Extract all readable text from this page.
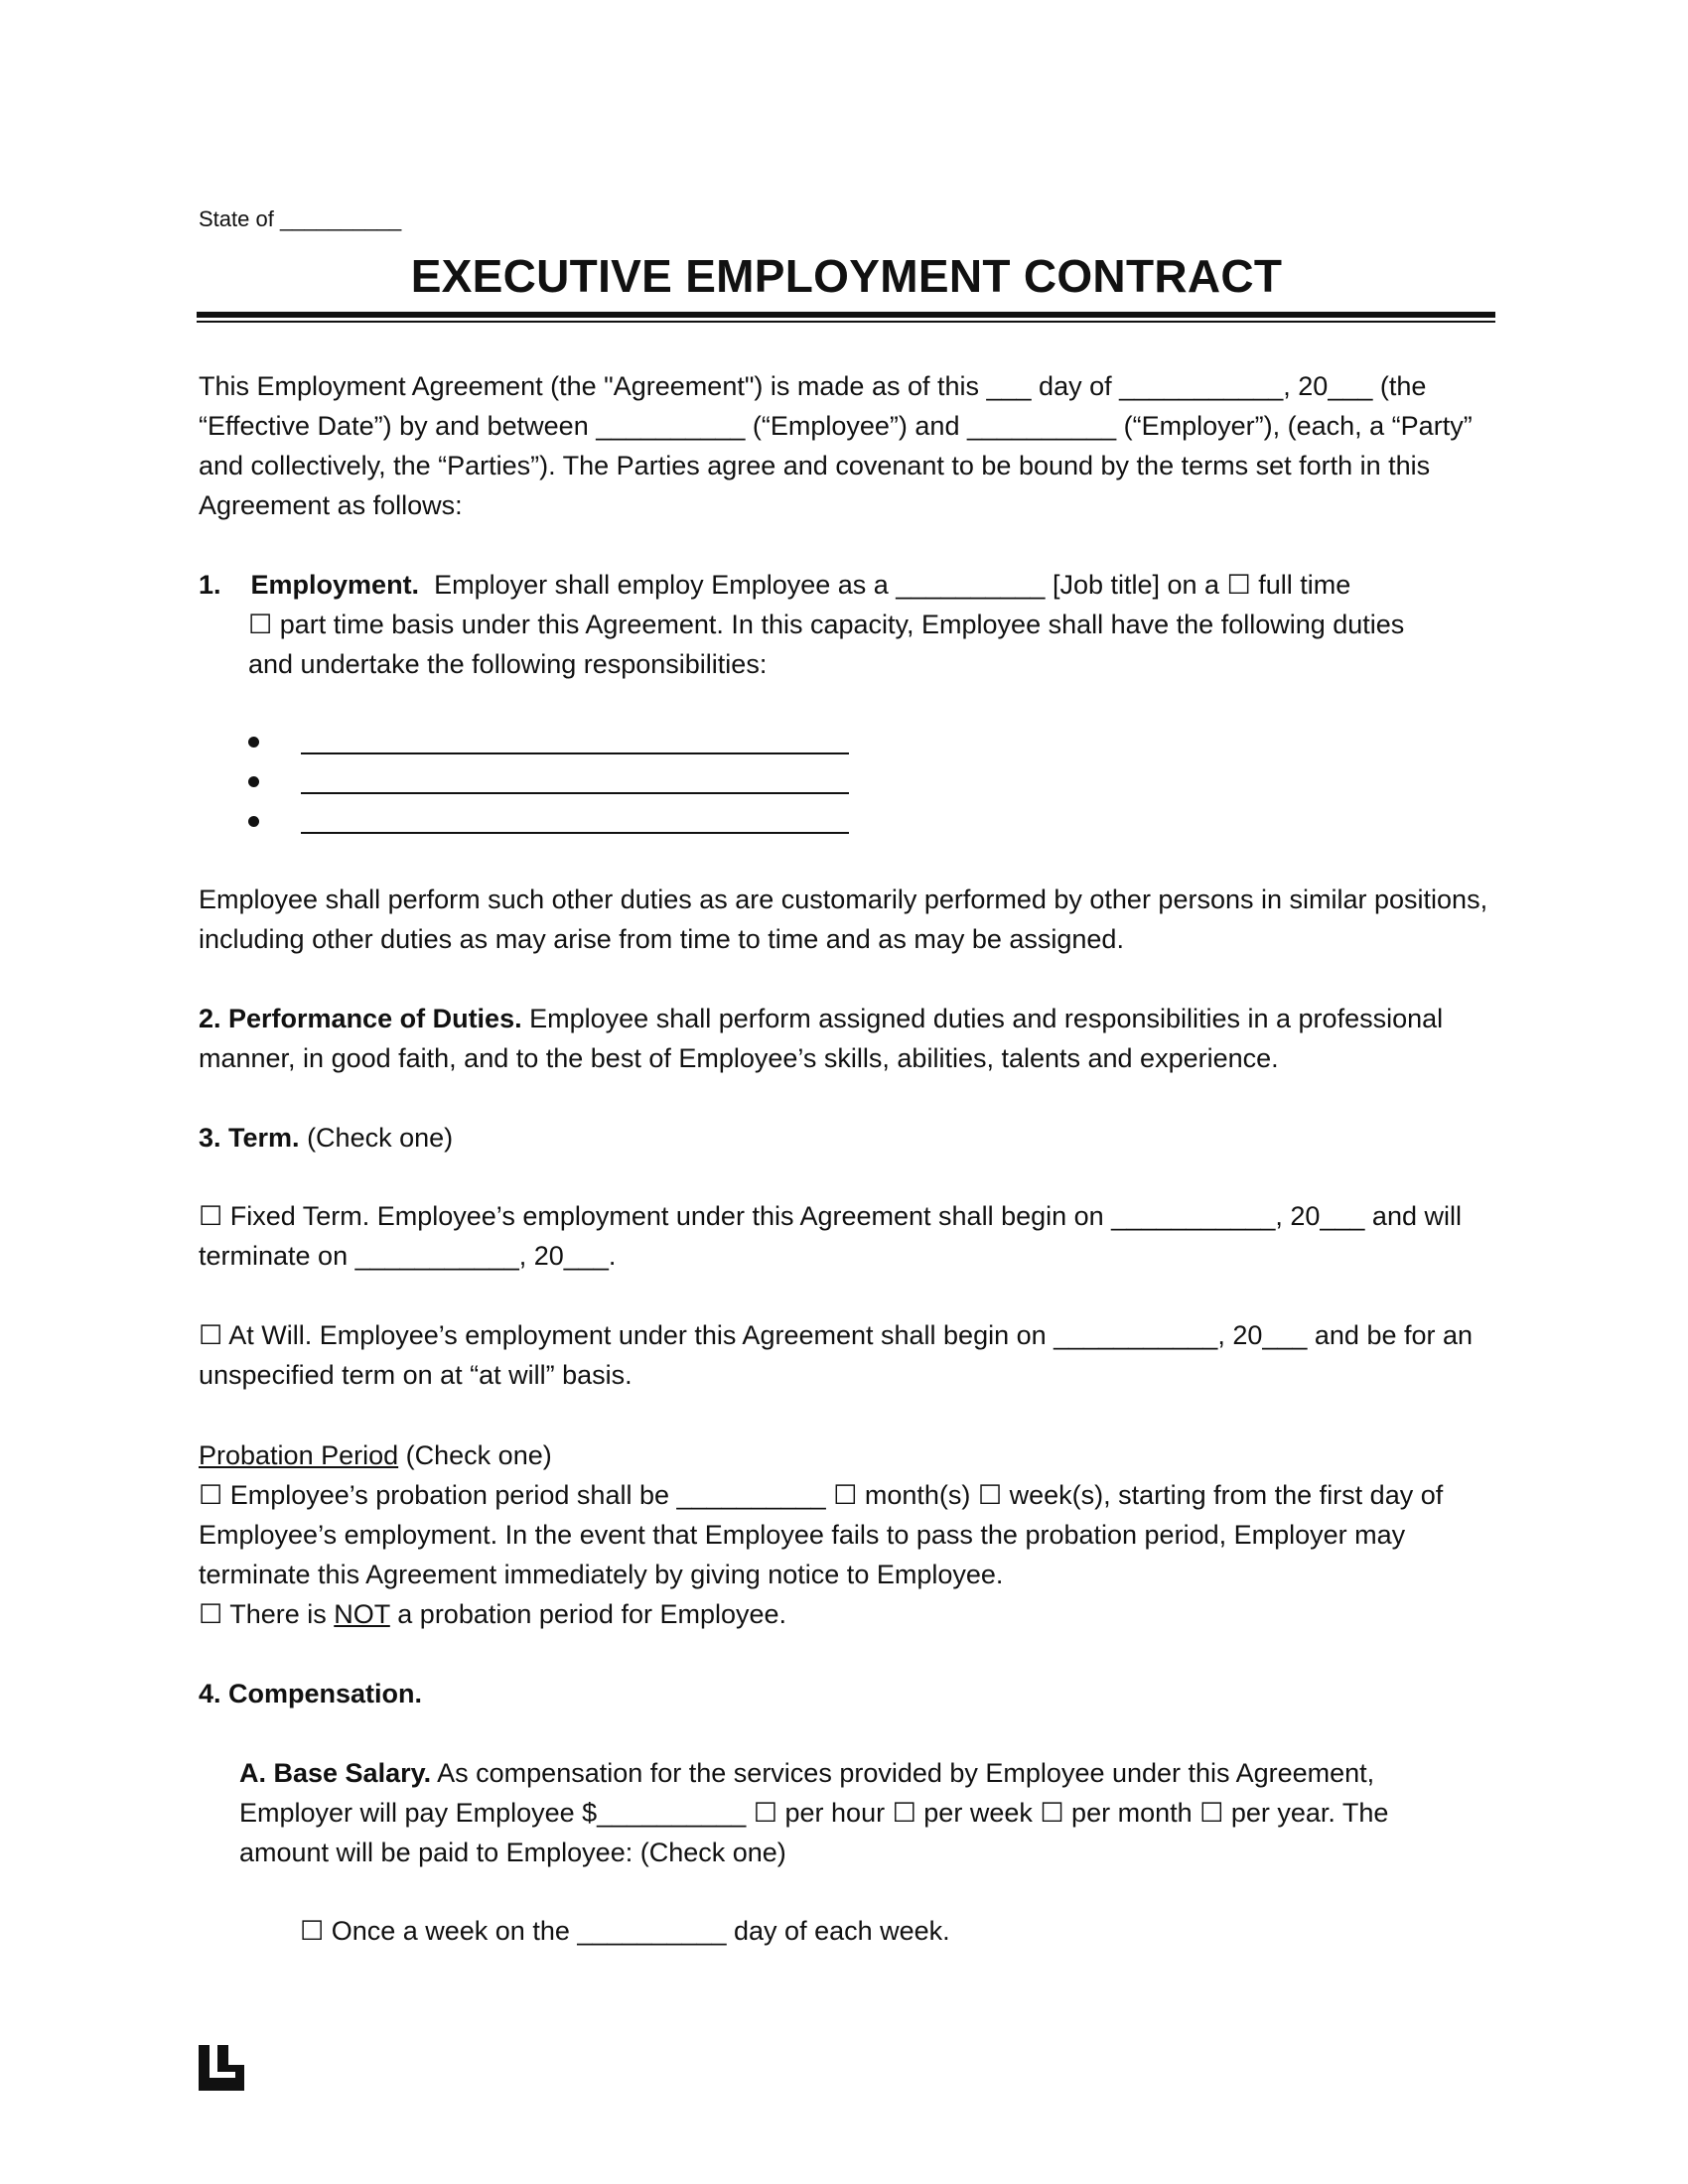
State of __________
EXECUTIVE EMPLOYMENT CONTRACT

This Employment Agreement (the "Agreement") is made as of this ___ day of ___________, 20___ (the “Effective Date”) by and between __________ (“Employee”) and __________ (“Employer”), (each, a “Party” and collectively, the “Parties”). The Parties agree and covenant to be bound by the terms set forth in this Agreement as follows:

1. Employment. Employer shall employ Employee as a __________ [Job title] on a ☐ full time
☐ part time basis under this Agreement. In this capacity, Employee shall have the following duties
and undertake the following responsibilities:

Employee shall perform such other duties as are customarily performed by other persons in similar positions, including other duties as may arise from time to time and as may be assigned.

2. Performance of Duties. Employee shall perform assigned duties and responsibilities in a professional manner, in good faith, and to the best of Employee’s skills, abilities, talents and experience.

3. Term. (Check one)

☐ Fixed Term. Employee’s employment under this Agreement shall begin on ___________, 20___ and will terminate on ___________, 20___.

☐ At Will. Employee’s employment under this Agreement shall begin on ___________, 20___ and be for an unspecified term on at “at will” basis.

Probation Period (Check one)

☐ Employee’s probation period shall be __________ ☐ month(s) ☐ week(s), starting from the first day of Employee’s employment. In the event that Employee fails to pass the probation period, Employer may terminate this Agreement immediately by giving notice to Employee.

☐ There is NOT a probation period for Employee.

4. Compensation.

A. Base Salary. As compensation for the services provided by Employee under this Agreement, Employer will pay Employee $__________ ☐ per hour ☐ per week ☐ per month ☐ per year. The amount will be paid to Employee: (Check one)

☐ Once a week on the __________ day of each week.
